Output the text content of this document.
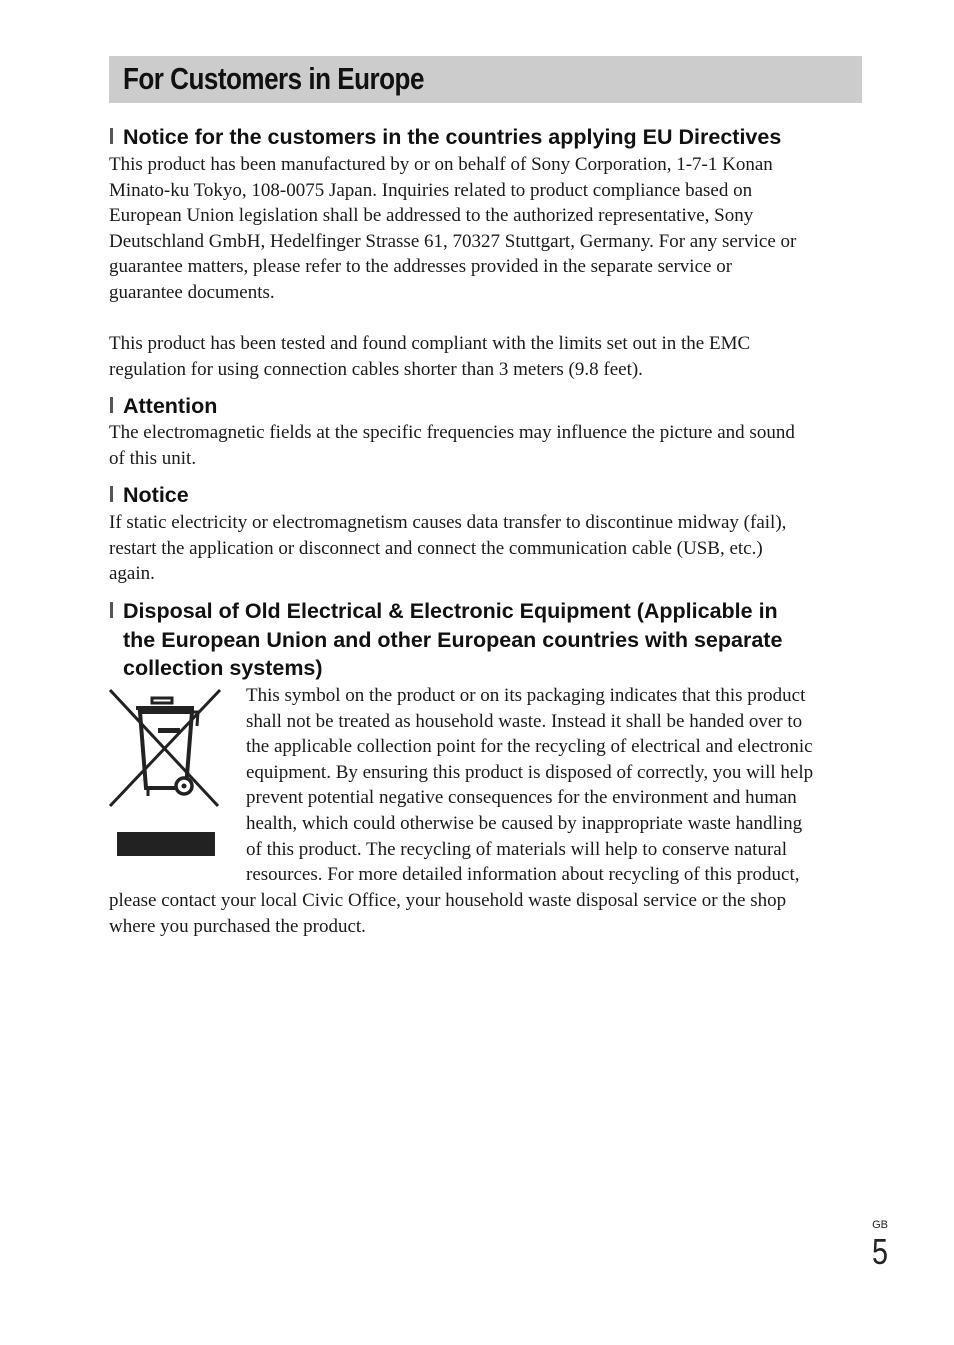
For Customers in Europe
Notice for the customers in the countries applying EU Directives

This product has been manufactured by or on behalf of Sony Corporation, 1-7-1 Konan
Minato-ku Tokyo, 108-0075 Japan. Inquiries related to product compliance based on
European Union legislation shall be addressed to the authorized representative, Sony
Deutschland GmbH, Hedelfinger Strasse 61, 70327 Stuttgart, Germany. For any service or
guarantee matters, please refer to the addresses provided in the separate service or
guarantee documents.

This product has been tested and found compliant with the limits set out in the EMC
regulation for using connection cables shorter than 3 meters (9.8 feet).

Attention

The electromagnetic fields at the specific frequencies may influence the picture and sound
of this unit.

Notice

If static electricity or electromagnetism causes data transfer to discontinue midway (fail),
restart the application or disconnect and connect the communication cable (USB, etc.)
again.

Disposal of Old Electrical & Electronic Equipment (Applicable in
the European Union and other European countries with separate
collection systems)

This symbol on the product or on its packaging indicates that this product
shall not be treated as household waste. Instead it shall be handed over to
the applicable collection point for the recycling of electrical and electronic
equipment. By ensuring this product is disposed of correctly, you will help
prevent potential negative consequences for the environment and human
health, which could otherwise be caused by inappropriate waste handling
of this product. The recycling of materials will help to conserve natural
resources. For more detailed information about recycling of this product,

please contact your local Civic Office, your household waste disposal service or the shop
where you purchased the product.

GB
5
